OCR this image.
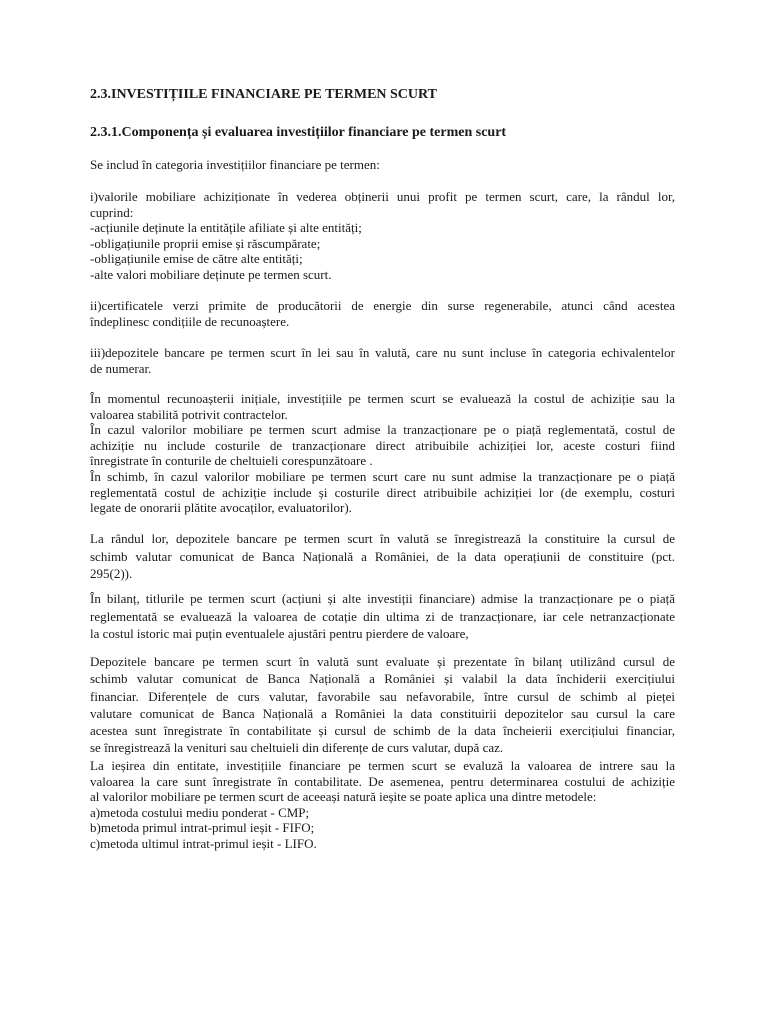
2.3.INVESTIȚIILE FINANCIARE PE TERMEN SCURT
2.3.1.Componența și evaluarea investițiilor financiare pe termen scurt
Se includ în categoria investițiilor financiare pe termen:
i)valorile mobiliare achiziționate în vederea obținerii unui profit pe termen scurt, care, la rândul lor,
cuprind:
-acțiunile deținute la entitățile afiliate și alte entități;
-obligațiunile proprii emise și răscumpărate;
-obligațiunile emise de către alte entități;
-alte valori mobiliare deținute pe termen scurt.
ii)certificatele verzi primite de producătorii de energie din surse regenerabile, atunci când acestea
îndeplinesc condițiile de recunoaștere.
iii)depozitele bancare pe termen scurt în lei sau în valută, care nu sunt incluse în categoria echivalentelor
de numerar.
În momentul recunoașterii inițiale, investițiile pe termen scurt se evaluează la costul de achiziție sau la
valoarea stabilită potrivit contractelor.
În cazul valorilor mobiliare pe termen scurt admise la tranzacționare pe o piață reglementată, costul de
achiziție nu include costurile de tranzacționare direct atribuibile achiziției lor, aceste costuri fiind
înregistrate în conturile de cheltuieli corespunzătoare .
În schimb, în cazul valorilor mobiliare pe termen scurt care nu sunt admise la tranzacționare pe o piață
reglementată costul de achiziție include și costurile direct atribuibile achiziției lor (de exemplu, costuri
legate de onorarii plătite avocaților, evaluatorilor).
La rândul lor, depozitele bancare pe termen scurt în valută se înregistrează la constituire la cursul de
schimb valutar comunicat de Banca Națională a României, de la data operațiunii de constituire (pct.
295(2)).
În bilanț, titlurile pe termen scurt (acțiuni și alte investiții financiare) admise la tranzacționare pe o piață
reglementată se evaluează la valoarea de cotație din ultima zi de tranzacționare, iar cele netranzacționate
la costul istoric mai puțin eventualele ajustări pentru pierdere de valoare,
Depozitele bancare pe termen scurt în valută sunt evaluate și prezentate în bilanț utilizând cursul de
schimb valutar comunicat de Banca Națională a României și valabil la data închiderii exercițiului
financiar. Diferențele de curs valutar, favorabile sau nefavorabile, între cursul de schimb al pieței
valutare comunicat de Banca Națională a României la data constituirii depozitelor sau cursul la care
acestea sunt înregistrate în contabilitate și cursul de schimb de la data încheierii exercițiului financiar,
se înregistrează la venituri sau cheltuieli din diferențe de curs valutar, după caz.
La ieșirea din entitate, investițiile financiare pe termen scurt se evaluză la valoarea de intrere sau la
valoarea la care sunt înregistrate în contabilitate. De asemenea, pentru determinarea costului de achiziție
al valorilor mobiliare pe termen scurt de aceeași natură ieșite se poate aplica una dintre metodele:
a)metoda costului mediu ponderat - CMP;
b)metoda primul intrat-primul ieșit - FIFO;
c)metoda ultimul intrat-primul ieșit - LIFO.
